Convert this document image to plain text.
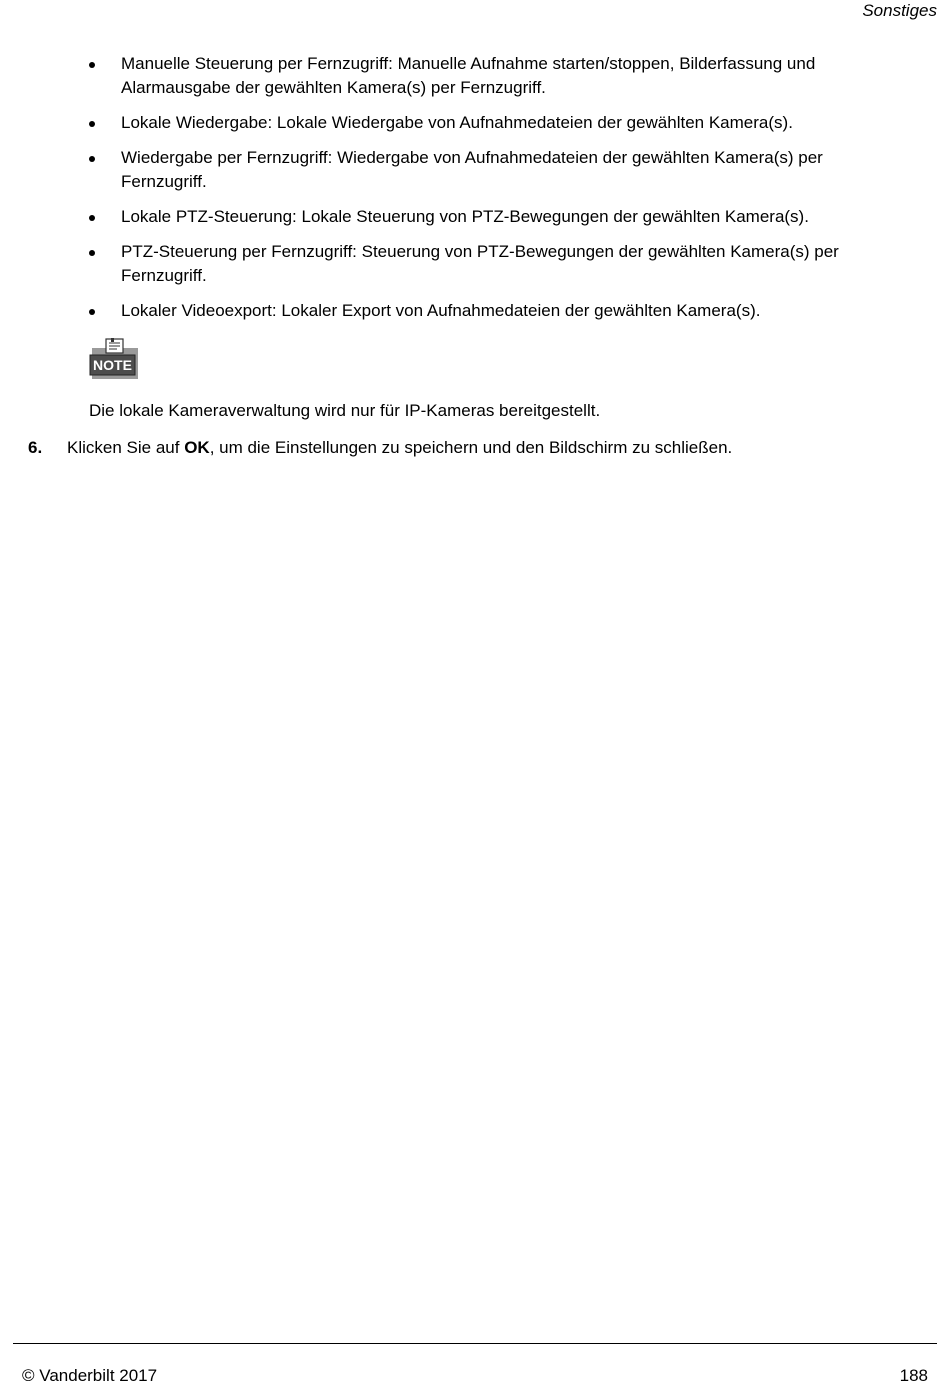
Sonstiges
Manuelle Steuerung per Fernzugriff: Manuelle Aufnahme starten/stoppen, Bilderfassung und Alarmausgabe der gewählten Kamera(s) per Fernzugriff.
Lokale Wiedergabe: Lokale Wiedergabe von Aufnahmedateien der gewählten Kamera(s).
Wiedergabe per Fernzugriff: Wiedergabe von Aufnahmedateien der gewählten Kamera(s) per Fernzugriff.
Lokale PTZ-Steuerung: Lokale Steuerung von PTZ-Bewegungen der gewählten Kamera(s).
PTZ-Steuerung per Fernzugriff: Steuerung von PTZ-Bewegungen der gewählten Kamera(s) per Fernzugriff.
Lokaler Videoexport: Lokaler Export von Aufnahmedateien der gewählten Kamera(s).
NOTE
Die lokale Kameraverwaltung wird nur für IP-Kameras bereitgestellt.
6. Klicken Sie auf OK, um die Einstellungen zu speichern und den Bildschirm zu schließen.
© Vanderbilt 2017	188
